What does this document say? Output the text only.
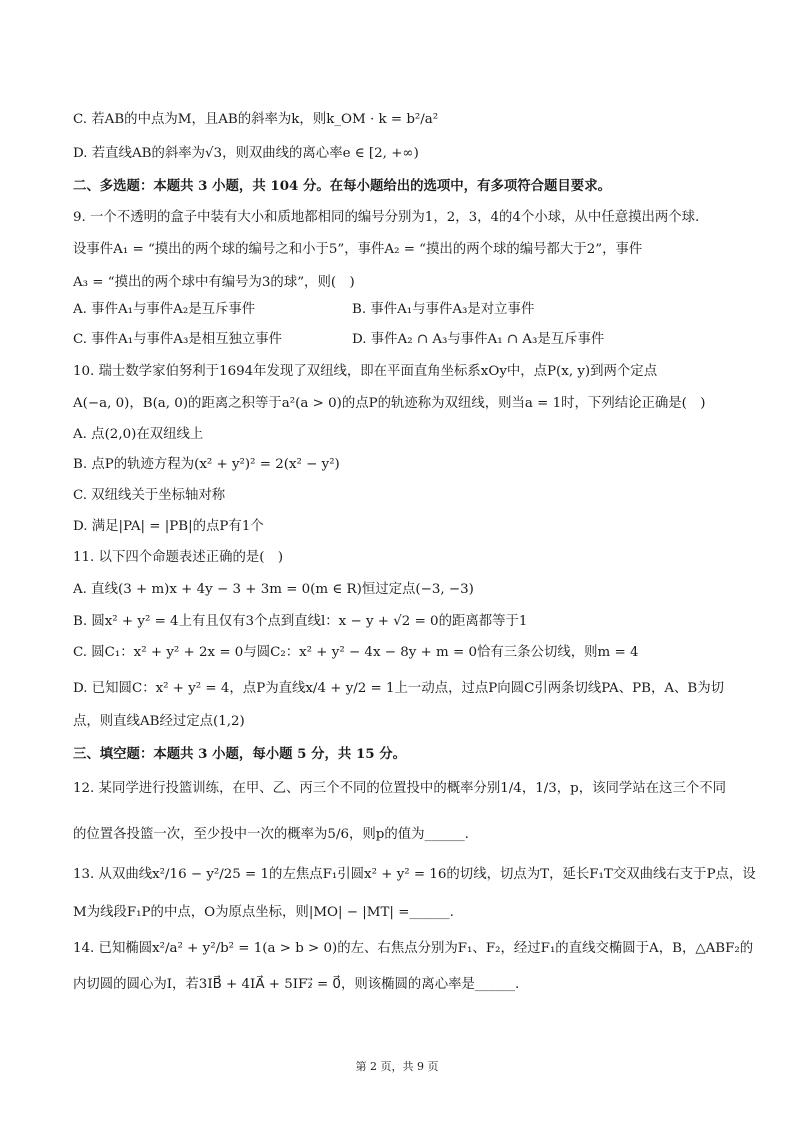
C. 若AB的中点为M，且AB的斜率为k，则k_OM · k = b²/a²
D. 若直线AB的斜率为√3，则双曲线的离心率e ∈ [2, +∞)
二、多选题：本题共 3 小题，共 104 分。在每小题给出的选项中，有多项符合题目要求。
9. 一个不透明的盒子中装有大小和质地都相同的编号分别为1，2，3，4的4个小球，从中任意摸出两个球.
设事件A₁ = “摸出的两个球的编号之和小于5”，事件A₂ = “摸出的两个球的编号都大于2”，事件
A₃ = “摸出的两个球中有编号为3的球”，则(　)
A. 事件A₁与事件A₂是互斥事件	B. 事件A₁与事件A₃是对立事件
C. 事件A₁与事件A₃是相互独立事件	D. 事件A₂ ∩ A₃与事件A₁ ∩ A₃是互斥事件
10. 瑞士数学家伯努利于1694年发现了双纽线，即在平面直角坐标系xOy中，点P(x, y)到两个定点
A(−a, 0)，B(a, 0)的距离之积等于a²(a > 0)的点P的轨迹称为双纽线，则当a = 1时，下列结论正确是(　)
A. 点(2,0)在双纽线上
B. 点P的轨迹方程为(x² + y²)² = 2(x² − y²)
C. 双纽线关于坐标轴对称
D. 满足|PA| = |PB|的点P有1个
11. 以下四个命题表述正确的是(　)
A. 直线(3 + m)x + 4y − 3 + 3m = 0(m ∈ R)恒过定点(−3, −3)
B. 圆x² + y² = 4上有且仅有3个点到直线l：x − y + √2 = 0的距离都等于1
C. 圆C₁：x² + y² + 2x = 0与圆C₂：x² + y² − 4x − 8y + m = 0恰有三条公切线，则m = 4
D. 已知圆C：x² + y² = 4，点P为直线x/4 + y/2 = 1上一动点，过点P向圆C引两条切线PA、PB，A、B为切
点，则直线AB经过定点(1,2)
三、填空题：本题共 3 小题，每小题 5 分，共 15 分。
12. 某同学进行投篮训练，在甲、乙、丙三个不同的位置投中的概率分别1/4，1/3，p，该同学站在这三个不同
的位置各投篮一次，至少投中一次的概率为5/6，则p的值为______.
13. 从双曲线x²/16 − y²/25 = 1的左焦点F₁引圆x² + y² = 16的切线，切点为T，延长F₁T交双曲线右支于P点，设
M为线段F₁P的中点，O为原点坐标，则|MO| − |MT| =______.
14. 已知椭圆x²/a² + y²/b² = 1(a > b > 0)的左、右焦点分别为F₁、F₂，经过F₁的直线交椭圆于A，B，△ABF₂的
内切圆的圆心为I，若3IB⃗ + 4IA⃗ + 5IF₂⃗ = 0⃗，则该椭圆的离心率是______.
第 2 页，共 9 页
